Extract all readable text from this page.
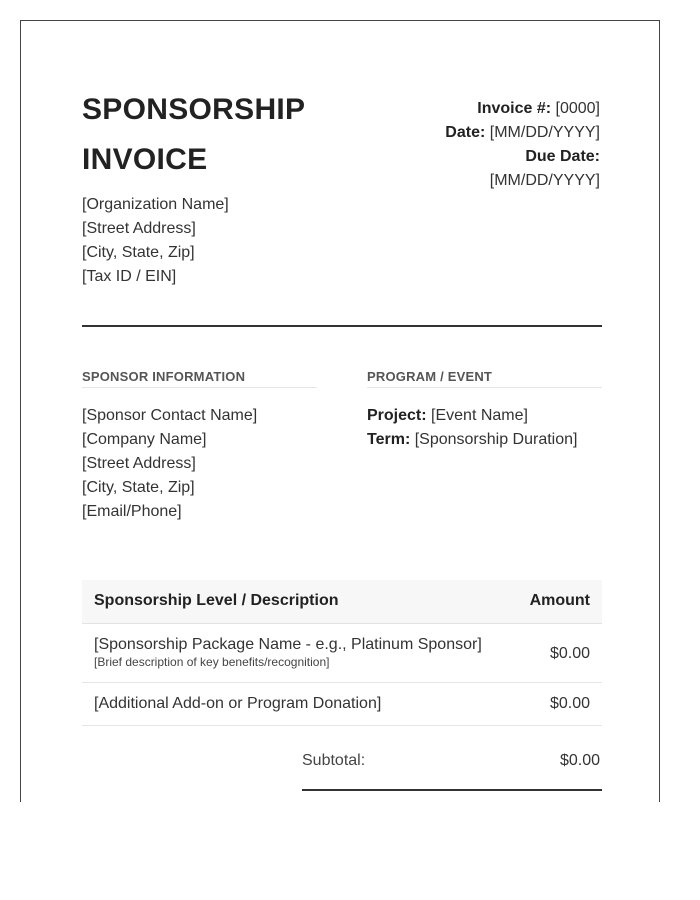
SPONSORSHIP
INVOICE
Invoice #: [0000]
Date: [MM/DD/YYYY]
Due Date:
[MM/DD/YYYY]
[Organization Name]
[Street Address]
[City, State, Zip]
[Tax ID / EIN]
SPONSOR INFORMATION	PROGRAM / EVENT
[Sponsor Contact Name]
[Company Name]
[Street Address]
[City, State, Zip]
[Email/Phone]
Project: [Event Name]
Term: [Sponsorship Duration]
Sponsorship Level / Description	Amount
[Sponsorship Package Name - e.g., Platinum Sponsor]
[Brief description of key benefits/recognition]	$0.00
[Additional Add-on or Program Donation]	$0.00
Subtotal:	$0.00
